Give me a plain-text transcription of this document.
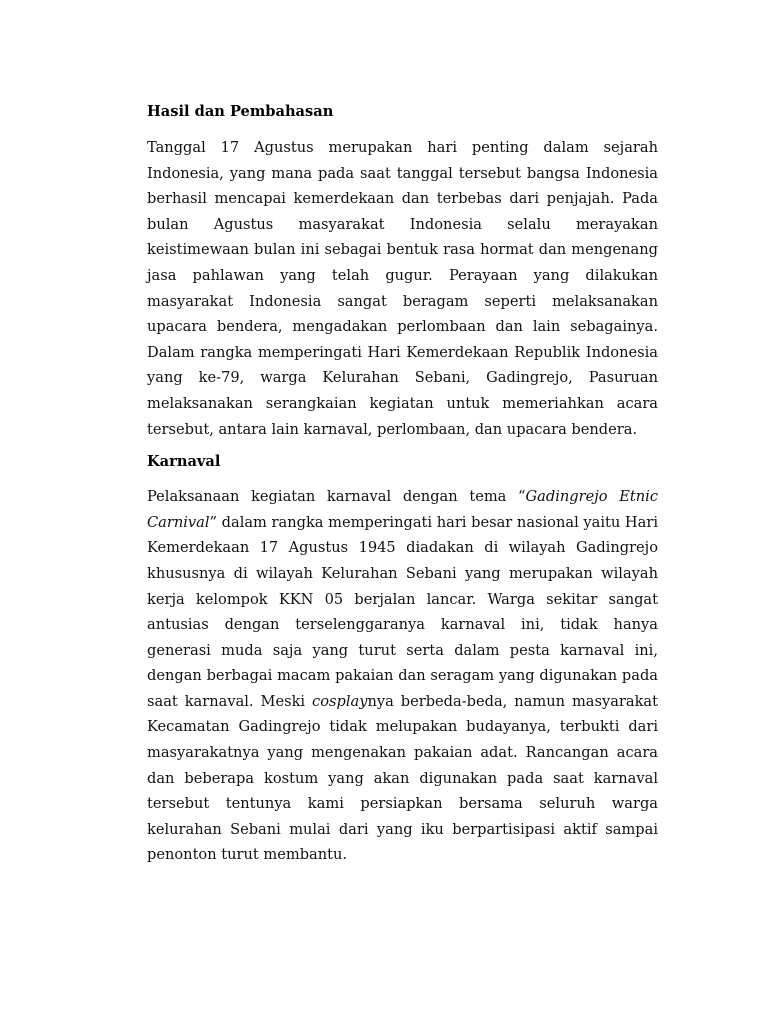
Hasil dan Pembahasan

Tanggal 17 Agustus merupakan hari penting dalam sejarah Indonesia, yang mana pada saat tanggal tersebut bangsa Indonesia berhasil mencapai kemerdekaan dan terbebas dari penjajah. Pada bulan Agustus masyarakat Indonesia selalu merayakan keistimewaan bulan ini sebagai bentuk rasa hormat dan mengenang jasa pahlawan yang telah gugur. Perayaan yang dilakukan masyarakat Indonesia sangat beragam seperti melaksanakan upacara bendera, mengadakan perlombaan dan lain sebagainya. Dalam rangka memperingati Hari Kemerdekaan Republik Indonesia yang ke-79, warga Kelurahan Sebani, Gadingrejo, Pasuruan melaksanakan serangkaian kegiatan untuk memeriahkan acara tersebut, antara lain karnaval, perlombaan, dan upacara bendera.

Karnaval

Pelaksanaan kegiatan karnaval dengan tema “Gadingrejo Etnic Carnival” dalam rangka memperingati hari besar nasional yaitu Hari Kemerdekaan 17 Agustus 1945 diadakan di wilayah Gadingrejo khususnya di wilayah Kelurahan Sebani yang merupakan wilayah kerja kelompok KKN 05 berjalan lancar. Warga sekitar sangat antusias dengan terselenggaranya karnaval ini, tidak hanya generasi muda saja yang turut serta dalam pesta karnaval ini, dengan berbagai macam pakaian dan seragam yang digunakan pada saat karnaval. Meski cosplaynya berbeda-beda, namun masyarakat Kecamatan Gadingrejo tidak melupakan budayanya, terbukti dari masyarakatnya yang mengenakan pakaian adat. Rancangan acara dan beberapa kostum yang akan digunakan pada saat karnaval tersebut tentunya kami persiapkan bersama seluruh warga kelurahan Sebani mulai dari yang iku berpartisipasi aktif sampai penonton turut membantu.
